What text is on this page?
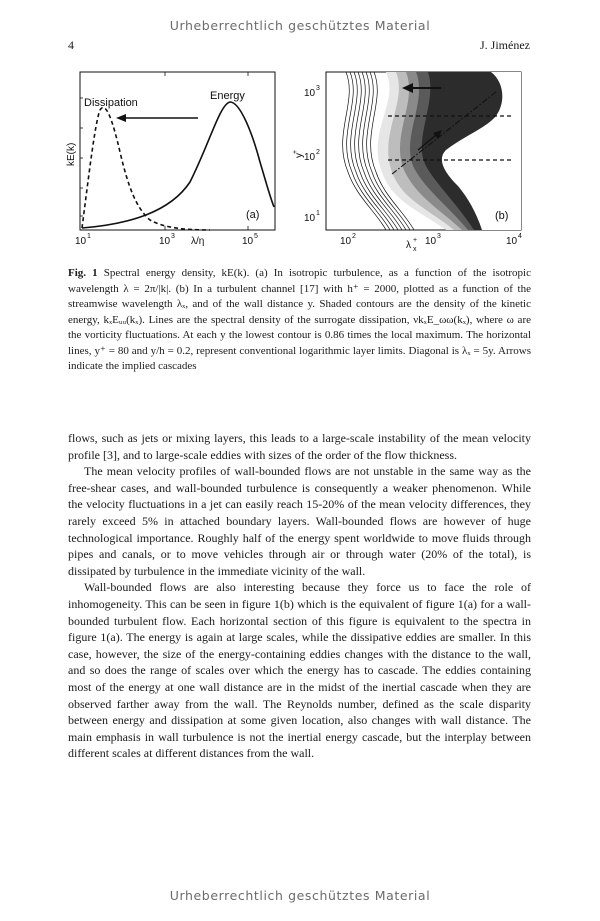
Urheberrechtlich geschütztes Material
4	J. Jiménez
Dissipation
Energy
(a)
kE(k)
λ/η
10 1	10 3	10 5
(b)
y
+
10 1
10 2
10 3
10 2	10 3	10 4
λ +
x
Fig. 1 Spectral energy density, kE(k). (a) In isotropic turbulence, as a function of the isotropic wavelength λ = 2π/|k|. (b) In a turbulent channel [17] with h⁺ = 2000, plotted as a function of the streamwise wavelength λₓ, and of the wall distance y. Shaded contours are the density of the kinetic energy, kₓEᵤᵤ(kₓ). Lines are the spectral density of the surrogate dissipation, νkₓE_ωω(kₓ), where ω are the vorticity fluctuations. At each y the lowest contour is 0.86 times the local maximum. The horizontal lines, y⁺ = 80 and y/h = 0.2, represent conventional logarithmic layer limits. Diagonal is λₓ = 5y. Arrows indicate the implied cascades

flows, such as jets or mixing layers, this leads to a large-scale instability of the mean velocity profile [3], and to large-scale eddies with sizes of the order of the flow thickness.

The mean velocity profiles of wall-bounded flows are not unstable in the same way as the free-shear cases, and wall-bounded turbulence is consequently a weaker phenomenon. While the velocity fluctuations in a jet can easily reach 15-20% of the mean velocity differences, they rarely exceed 5% in attached boundary layers. Wall-bounded flows are however of huge technological importance. Roughly half of the energy spent worldwide to move fluids through pipes and canals, or to move vehicles through air or through water (20% of the total), is dissipated by turbulence in the immediate vicinity of the wall.

Wall-bounded flows are also interesting because they force us to face the role of inhomogeneity. This can be seen in figure 1(b) which is the equivalent of figure 1(a) for a wall-bounded turbulent flow. Each horizontal section of this figure is equivalent to the spectra in figure 1(a). The energy is again at large scales, while the dissipative eddies are smaller. In this case, however, the size of the energy-containing eddies changes with the distance to the wall, and so does the range of scales over which the energy has to cascade. The eddies containing most of the energy at one wall distance are in the midst of the inertial cascade when they are observed farther away from the wall. The Reynolds number, defined as the scale disparity between energy and dissipation at some given location, also changes with wall distance. The main emphasis in wall turbulence is not the inertial energy cascade, but the interplay between different scales at different distances from the wall.

Urheberrechtlich geschütztes Material
